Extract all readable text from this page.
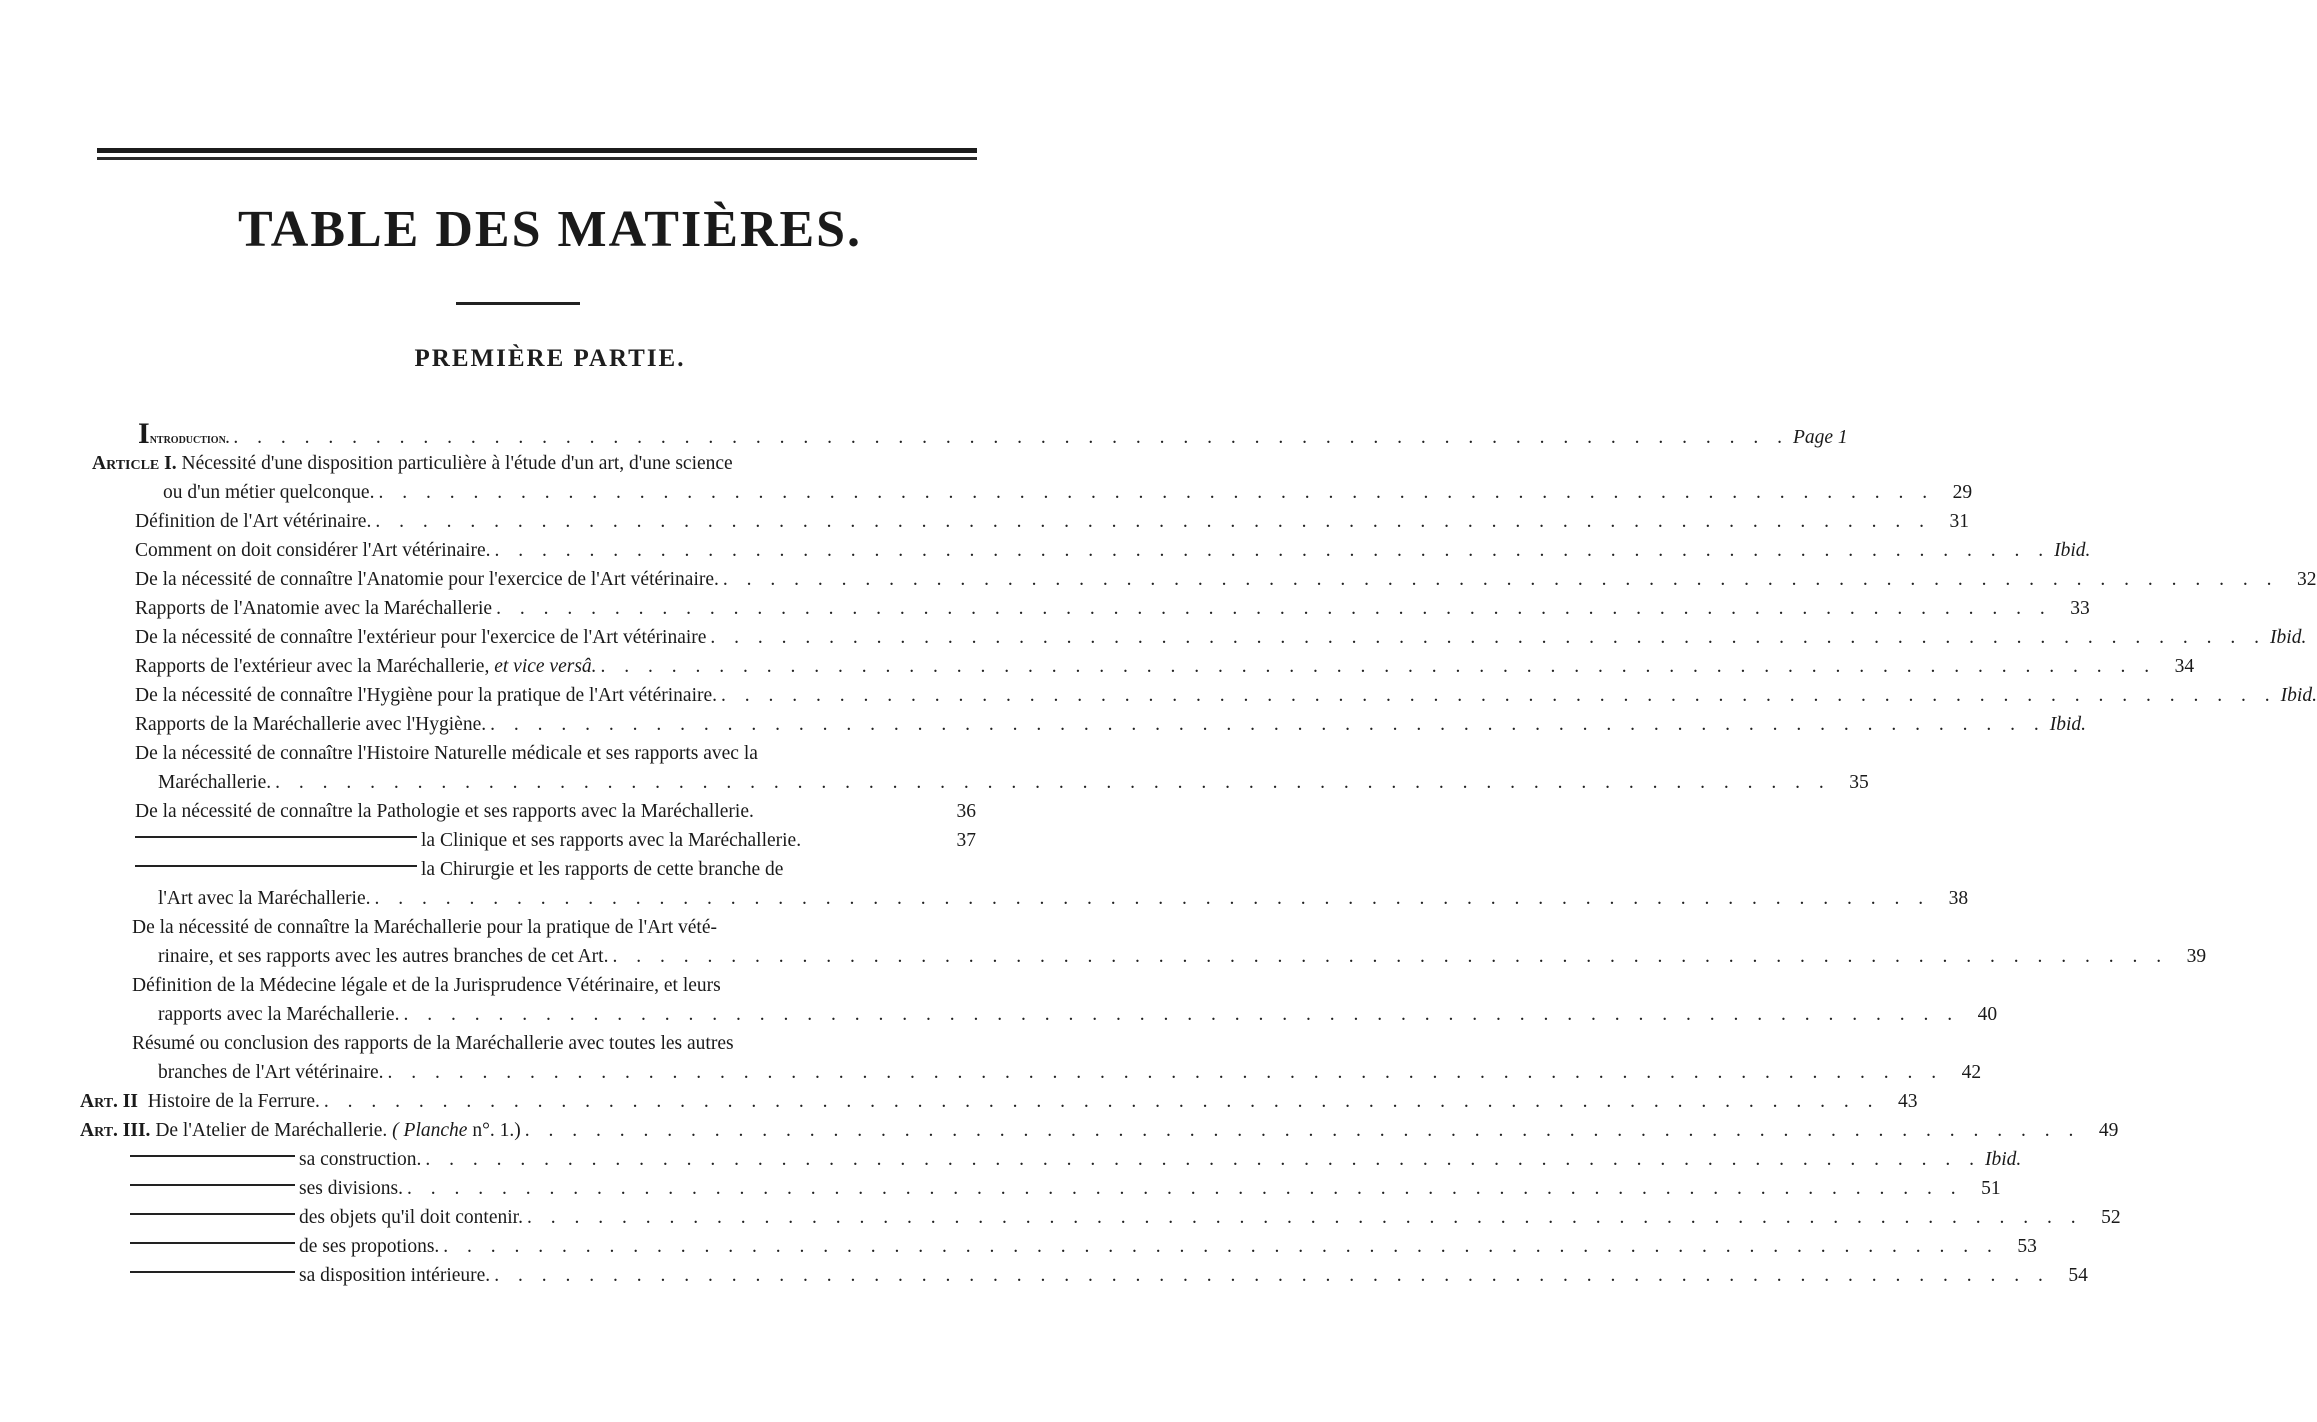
TABLE DES MATIÈRES.
PREMIÈRE PARTIE.
Introduction. . . . . . . . . . . . . . . . . . . . . . . . . . . . . . . . . . . . . . . . . . . . . . . . . . . . . . . . . . . . . . . . . . . Page 1
Article I. Nécessité d'une disposition particulière à l'étude d'un art, d'une science
ou d'un métier quelconque. . . . . . . . . . . . . . . . . . . . . . . . . . . . . . . . . . . . . . . . . . . . . . . . . . . . . . . . . . . . . . . . . . . 29
Définition de l'Art vétérinaire. . . . . . . . . . . . . . . . . . . . . . . . . . . . . . . . . . . . . . . . . . . . . . . . . . . . . . . . . . . . . . . . . . . 31
Comment on doit considérer l'Art vétérinaire. . . . . . . . . . . . . . . . . . . . . . . . . . . . . . . . . . . . . . . . . . . . . . . . . . . . . . . . . . . . . . . . . . . Ibid.
De la nécessité de connaître l'Anatomie pour l'exercice de l'Art vétérinaire. . . . . . . . . . . . . . . . . . . . . . . . . . . . . . . . . . . . . . . . . . . . . . . . . . . . . . . . . . . . . . . . . . . 32
Rapports de l'Anatomie avec la Maréchallerie . . . . . . . . . . . . . . . . . . . . . . . . . . . . . . . . . . . . . . . . . . . . . . . . . . . . . . . . . . . . . . . . . . 33
De la nécessité de connaître l'extérieur pour l'exercice de l'Art vétérinaire . . . . . . . . . . . . . . . . . . . . . . . . . . . . . . . . . . . . . . . . . . . . . . . . . . . . . . . . . . . . . . . . . . Ibid.
Rapports de l'extérieur avec la Maréchallerie, et vice versâ. . . . . . . . . . . . . . . . . . . . . . . . . . . . . . . . . . . . . . . . . . . . . . . . . . . . . . . . . . . . . . . . . . . 34
De la nécessité de connaître l'Hygiène pour la pratique de l'Art vétérinaire. . . . . . . . . . . . . . . . . . . . . . . . . . . . . . . . . . . . . . . . . . . . . . . . . . . . . . . . . . . . . . . . . . . Ibid.
Rapports de la Maréchallerie avec l'Hygiène. . . . . . . . . . . . . . . . . . . . . . . . . . . . . . . . . . . . . . . . . . . . . . . . . . . . . . . . . . . . . . . . . . . Ibid.
De la nécessité de connaître l'Histoire Naturelle médicale et ses rapports avec la
Maréchallerie. . . . . . . . . . . . . . . . . . . . . . . . . . . . . . . . . . . . . . . . . . . . . . . . . . . . . . . . . . . . . . . . . . . 35
De la nécessité de connaître la Pathologie et ses rapports avec la Maréchallerie.	36
la Clinique et ses rapports avec la Maréchallerie.	37
la Chirurgie et les rapports de cette branche de
l'Art avec la Maréchallerie. . . . . . . . . . . . . . . . . . . . . . . . . . . . . . . . . . . . . . . . . . . . . . . . . . . . . . . . . . . . . . . . . . . 38
De la nécessité de connaître la Maréchallerie pour la pratique de l'Art vété-
rinaire, et ses rapports avec les autres branches de cet Art. . . . . . . . . . . . . . . . . . . . . . . . . . . . . . . . . . . . . . . . . . . . . . . . . . . . . . . . . . . . . . . . . . . 39
Définition de la Médecine légale et de la Jurisprudence Vétérinaire, et leurs
rapports avec la Maréchallerie. . . . . . . . . . . . . . . . . . . . . . . . . . . . . . . . . . . . . . . . . . . . . . . . . . . . . . . . . . . . . . . . . . . 40
Résumé ou conclusion des rapports de la Maréchallerie avec toutes les autres
branches de l'Art vétérinaire. . . . . . . . . . . . . . . . . . . . . . . . . . . . . . . . . . . . . . . . . . . . . . . . . . . . . . . . . . . . . . . . . . . 42
Art. II Histoire de la Ferrure. . . . . . . . . . . . . . . . . . . . . . . . . . . . . . . . . . . . . . . . . . . . . . . . . . . . . . . . . . . . . . . . . . . 43
Art. III. De l'Atelier de Maréchallerie. ( Planche n°. 1.) . . . . . . . . . . . . . . . . . . . . . . . . . . . . . . . . . . . . . . . . . . . . . . . . . . . . . . . . . . . . . . . . . . 49
sa construction. . . . . . . . . . . . . . . . . . . . . . . . . . . . . . . . . . . . . . . . . . . . . . . . . . . . . . . . . . . . . . . . . . . Ibid.
ses divisions. . . . . . . . . . . . . . . . . . . . . . . . . . . . . . . . . . . . . . . . . . . . . . . . . . . . . . . . . . . . . . . . . . . 51
des objets qu'il doit contenir. . . . . . . . . . . . . . . . . . . . . . . . . . . . . . . . . . . . . . . . . . . . . . . . . . . . . . . . . . . . . . . . . . . 52
de ses propotions. . . . . . . . . . . . . . . . . . . . . . . . . . . . . . . . . . . . . . . . . . . . . . . . . . . . . . . . . . . . . . . . . . . 53
sa disposition intérieure. . . . . . . . . . . . . . . . . . . . . . . . . . . . . . . . . . . . . . . . . . . . . . . . . . . . . . . . . . . . . . . . . . . 54
